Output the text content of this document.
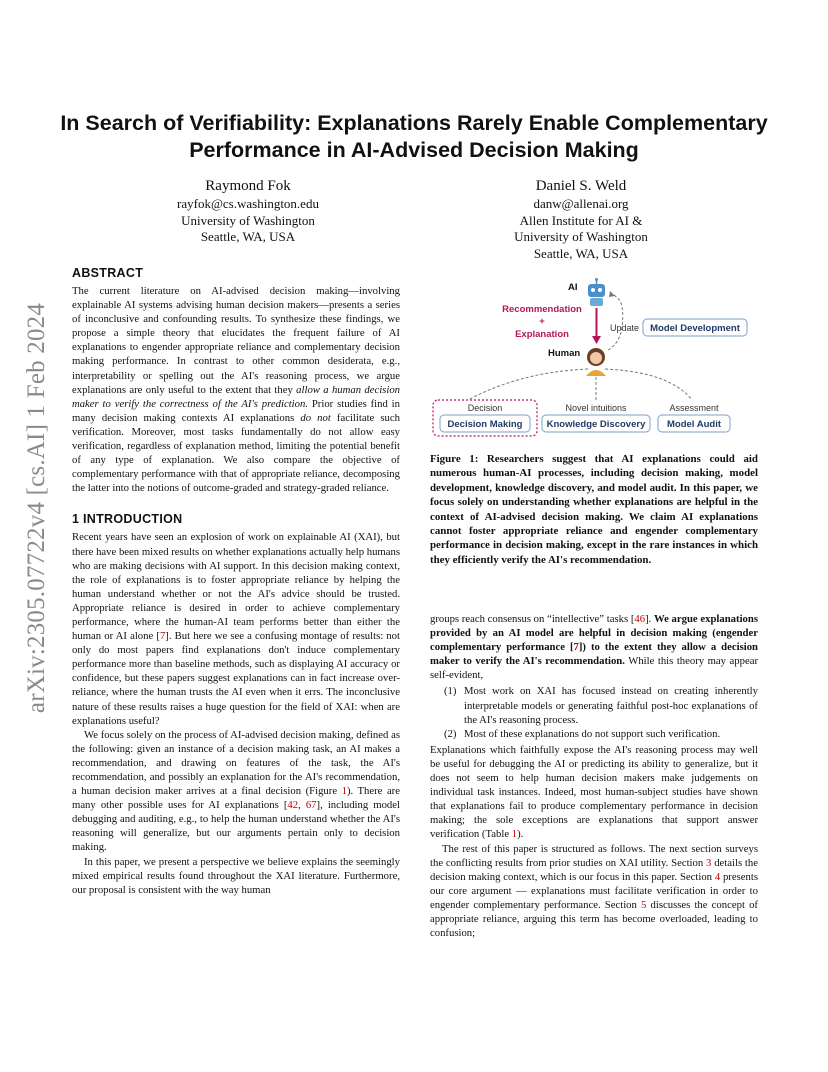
arXiv:2305.07722v4 [cs.AI] 1 Feb 2024
In Search of Verifiability: Explanations Rarely Enable Complementary Performance in AI-Advised Decision Making
Raymond Fok
rayfok@cs.washington.edu
University of Washington
Seattle, WA, USA
Daniel S. Weld
danw@allenai.org
Allen Institute for AI &
University of Washington
Seattle, WA, USA
ABSTRACT

The current literature on AI-advised decision making—involving explainable AI systems advising human decision makers—presents a series of inconclusive and confounding results. To synthesize these findings, we propose a simple theory that elucidates the frequent failure of AI explanations to engender appropriate reliance and complementary decision making performance. In contrast to other common desiderata, e.g., interpretability or spelling out the AI's reasoning process, we argue explanations are only useful to the extent that they allow a human decision maker to verify the correctness of the AI's prediction. Prior studies find in many decision making contexts AI explanations do not facilitate such verification. Moreover, most tasks fundamentally do not allow easy verification, regardless of explanation method, limiting the potential benefit of any type of explanation. We also compare the objective of complementary performance with that of appropriate reliance, decomposing the latter into the notions of outcome-graded and strategy-graded reliance.

1 INTRODUCTION

Recent years have seen an explosion of work on explainable AI (XAI), but there have been mixed results on whether explanations actually help humans who are making decisions with AI support. In this decision making context, the role of explanations is to foster appropriate reliance by helping the human understand whether or not the AI's advice should be trusted. Appropriate reliance is desired in order to achieve complementary performance, where the human-AI team performs better than either the human or AI alone [7]. But here we see a confusing montage of results: not only do most papers find explanations don't induce complementary performance more than baseline methods, such as displaying AI accuracy or confidence, but these papers suggest explanations can in fact increase over-reliance, where the human trusts the AI even when it errs. The inconclusive nature of these results raises a huge question for the field of XAI: when are explanations useful?

We focus solely on the process of AI-advised decision making, defined as the following: given an instance of a decision making task, an AI makes a recommendation, and drawing on features of the task, the AI's recommendation, and possibly an explanation for the AI's recommendation, a human decision maker arrives at a final decision (Figure 1). There are many other possible uses for AI explanations [42, 67], including model debugging and auditing, e.g., to help the human understand whether the AI's reasoning will generalize, but our arguments pertain only to decision making.

In this paper, we present a perspective we believe explains the seemingly mixed empirical results found throughout the XAI literature. Furthermore, our proposal is consistent with the way human

AI
Recommendation
+
Explanation
Update Model Development
Human
Decision
Decision Making
Novel intuitions
Knowledge Discovery
Assessment
Model Audit
Figure 1: Researchers suggest that AI explanations could aid numerous human-AI processes, including decision making, model development, knowledge discovery, and model audit. In this paper, we focus solely on understanding whether explanations are helpful in the context of AI-advised decision making. We claim AI explanations cannot foster appropriate reliance and engender complementary performance in decision making, except in the rare instances in which they efficiently verify the AI's recommendation.

groups reach consensus on “intellective” tasks [46]. We argue explanations provided by an AI model are helpful in decision making (engender complementary performance [7]) to the extent they allow a decision maker to verify the AI's recommendation. While this theory may appear self-evident,

(1) Most work on XAI has focused instead on creating inherently interpretable models or generating faithful post-hoc explanations of the AI's reasoning process.
(2) Most of these explanations do not support such verification.

Explanations which faithfully expose the AI's reasoning process may well be useful for debugging the AI or predicting its ability to generalize, but it does not seem to help human decision makers make judgements on individual task instances. Indeed, most human-subject studies have shown that explanations fail to produce complementary performance in decision making; the sole exceptions are explanations that support answer verification (Table 1).

The rest of this paper is structured as follows. The next section surveys the conflicting results from prior studies on XAI utility. Section 3 details the decision making context, which is our focus in this paper. Section 4 presents our core argument — explanations must facilitate verification in order to engender complementary performance. Section 5 discusses the concept of appropriate reliance, arguing this term has become overloaded, leading to confusion;
